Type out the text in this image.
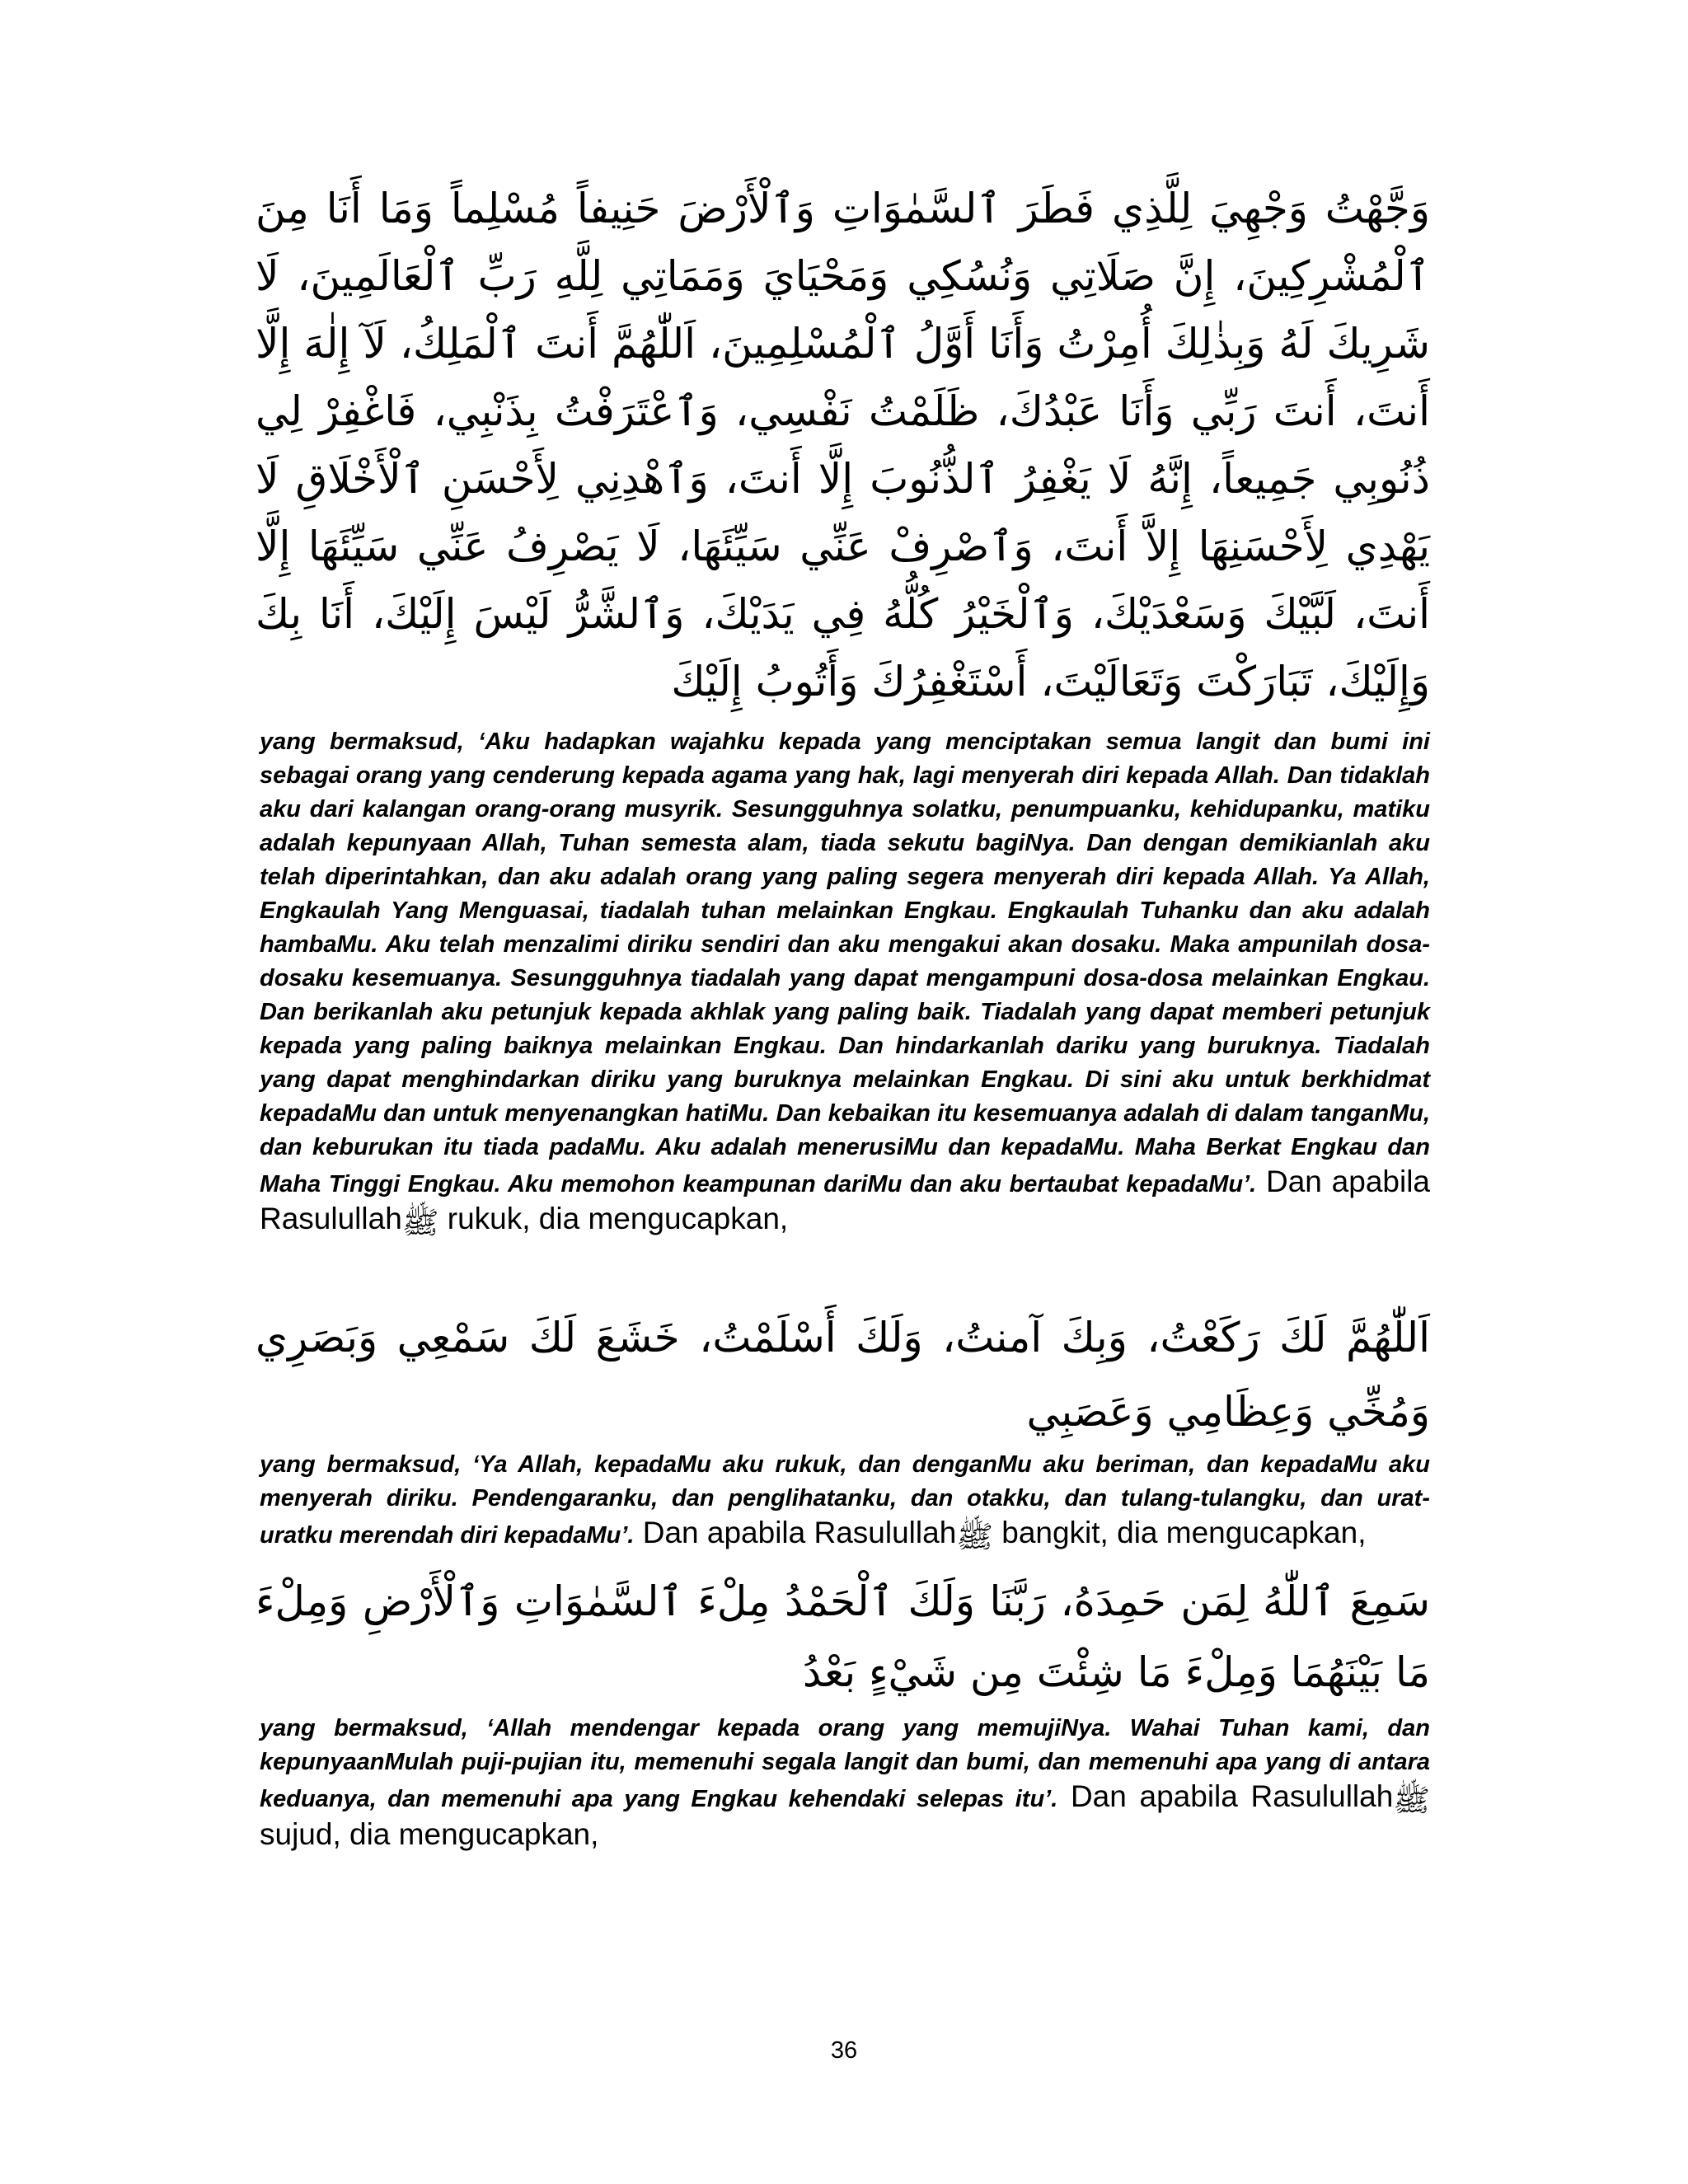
وَجَّهْتُ وَجْهِيَ لِلَّذِي فَطَرَ ٱلسَّمٰوَاتِ وَٱلْأَرْضَ حَنِيفاً مُسْلِماً وَمَا أَنَا مِنَ ٱلْمُشْرِكِينَ، إِنَّ صَلَاتِي وَنُسُكِي وَمَحْيَايَ وَمَمَاتِي لِلَّهِ رَبِّ ٱلْعَالَمِينَ، لَا شَرِيكَ لَهُ وَبِذٰلِكَ أُمِرْتُ وَأَنَا أَوَّلُ ٱلْمُسْلِمِينَ، اَللّٰهُمَّ أَنتَ ٱلْمَلِكُ، لَآ إِلٰهَ إِلَّا أَنتَ، أَنتَ رَبِّي وَأَنَا عَبْدُكَ، ظَلَمْتُ نَفْسِي، وَٱعْتَرَفْتُ بِذَنْبِي، فَاغْفِرْ لِي ذُنُوبِي جَمِيعاً، إِنَّهُ لَا يَغْفِرُ ٱلذُّنُوبَ إِلَّا أَنتَ، وَٱهْدِنِي لِأَحْسَنِ ٱلْأَخْلَاقِ لَا يَهْدِي لِأَحْسَنِهَا إِلاَّ أَنتَ، وَٱصْرِفْ عَنِّي سَيِّئَهَا، لَا يَصْرِفُ عَنِّي سَيِّئَهَا إِلَّا أَنتَ، لَبَّيْكَ وَسَعْدَيْكَ، وَٱلْخَيْرُ كُلُّهُ فِي يَدَيْكَ، وَٱلشَّرُّ لَيْسَ إِلَيْكَ، أَنَا بِكَ وَإِلَيْكَ، تَبَارَكْتَ وَتَعَالَيْتَ، أَسْتَغْفِرُكَ وَأَتُوبُ إِلَيْكَ

yang bermaksud, ‘Aku hadapkan wajahku kepada yang menciptakan semua langit dan bumi ini sebagai orang yang cenderung kepada agama yang hak, lagi menyerah diri kepada Allah. Dan tidaklah aku dari kalangan orang-orang musyrik. Sesungguhnya solatku, penumpuanku, kehidupanku, matiku adalah kepunyaan Allah, Tuhan semesta alam, tiada sekutu bagiNya. Dan dengan demikianlah aku telah diperintahkan, dan aku adalah orang yang paling segera menyerah diri kepada Allah. Ya Allah, Engkaulah Yang Menguasai, tiadalah tuhan melainkan Engkau. Engkaulah Tuhanku dan aku adalah hambaMu. Aku telah menzalimi diriku sendiri dan aku mengakui akan dosaku. Maka ampunilah dosa-dosaku kesemuanya. Sesungguhnya tiadalah yang dapat mengampuni dosa-dosa melainkan Engkau. Dan berikanlah aku petunjuk kepada akhlak yang paling baik. Tiadalah yang dapat memberi petunjuk kepada yang paling baiknya melainkan Engkau. Dan hindarkanlah dariku yang buruknya. Tiadalah yang dapat menghindarkan diriku yang buruknya melainkan Engkau. Di sini aku untuk berkhidmat kepadaMu dan untuk menyenangkan hatiMu. Dan kebaikan itu kesemuanya adalah di dalam tanganMu, dan keburukan itu tiada padaMu. Aku adalah menerusiMu dan kepadaMu. Maha Berkat Engkau dan Maha Tinggi Engkau. Aku memohon keampunan dariMu dan aku bertaubat kepadaMu’. Dan apabila Rasulullahﷺ rukuk, dia mengucapkan,

اَللّٰهُمَّ لَكَ رَكَعْتُ، وَبِكَ آمنتُ، وَلَكَ أَسْلَمْتُ، خَشَعَ لَكَ سَمْعِي وَبَصَرِي وَمُخِّي وَعِظَامِي وَعَصَبِي

yang bermaksud, ‘Ya Allah, kepadaMu aku rukuk, dan denganMu aku beriman, dan kepadaMu aku menyerah diriku. Pendengaranku, dan penglihatanku, dan otakku, dan tulang-tulangku, dan urat-uratku merendah diri kepadaMu’. Dan apabila Rasulullahﷺ bangkit, dia mengucapkan,

سَمِعَ ٱللّٰهُ لِمَن حَمِدَهُ، رَبَّنَا وَلَكَ ٱلْحَمْدُ مِلْءَ ٱلسَّمٰوَاتِ وَٱلْأَرْضِ وَمِلْءَ مَا بَيْنَهُمَا وَمِلْءَ مَا شِئْتَ مِن شَيْءٍ بَعْدُ

yang bermaksud, ‘Allah mendengar kepada orang yang memujiNya. Wahai Tuhan kami, dan kepunyaanMulah puji-pujian itu, memenuhi segala langit dan bumi, dan memenuhi apa yang di antara keduanya, dan memenuhi apa yang Engkau kehendaki selepas itu’. Dan apabila Rasulullahﷺ sujud, dia mengucapkan,

36
